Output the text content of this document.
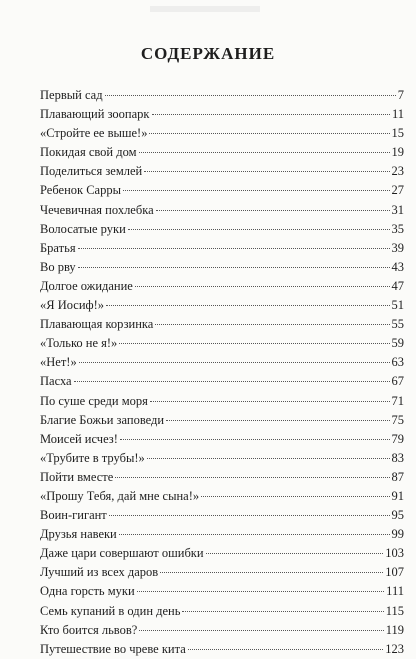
СОДЕРЖАНИЕ
Первый сад	7
Плавающий зоопарк	11
«Стройте ее выше!»	15
Покидая свой дом	19
Поделиться землей	23
Ребенок Сарры	27
Чечевичная похлебка	31
Волосатые руки	35
Братья	39
Во рву	43
Долгое ожидание	47
«Я Иосиф!»	51
Плавающая корзинка	55
«Только не я!»	59
«Нет!»	63
Пасха	67
По суше среди моря	71
Благие Божьи заповеди	75
Моисей исчез!	79
«Трубите в трубы!»	83
Пойти вместе	87
«Прошу Тебя, дай мне сына!»	91
Воин-гигант	95
Друзья навеки	99
Даже цари совершают ошибки	103
Лучший из всех даров	107
Одна горсть муки	111
Семь купаний в один день	115
Кто боится львов?	119
Путешествие во чреве кита	123
